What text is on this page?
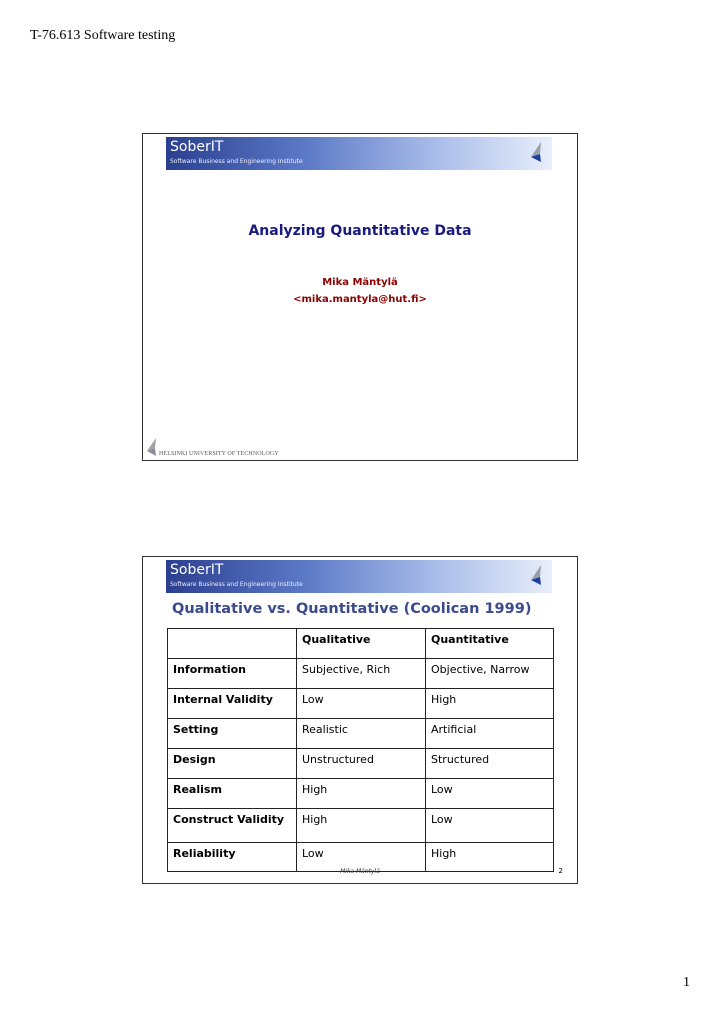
T-76.613 Software testing
SoberIT
Software Business and Engineering Institute
Analyzing Quantitative Data
Mika Mäntylä
<mika.mantyla@hut.fi>
HELSINKI UNIVERSITY OF TECHNOLOGY
SoberIT
Software Business and Engineering Institute
Qualitative vs. Quantitative (Coolican 1999)
	Qualitative	Quantitative
Information	Subjective, Rich	Objective, Narrow
Internal Validity	Low	High
Setting	Realistic	Artificial
Design	Unstructured	Structured
Realism	High	Low
Construct Validity	High	Low
Reliability	Low	High
Mika Mäntylä	2
1
